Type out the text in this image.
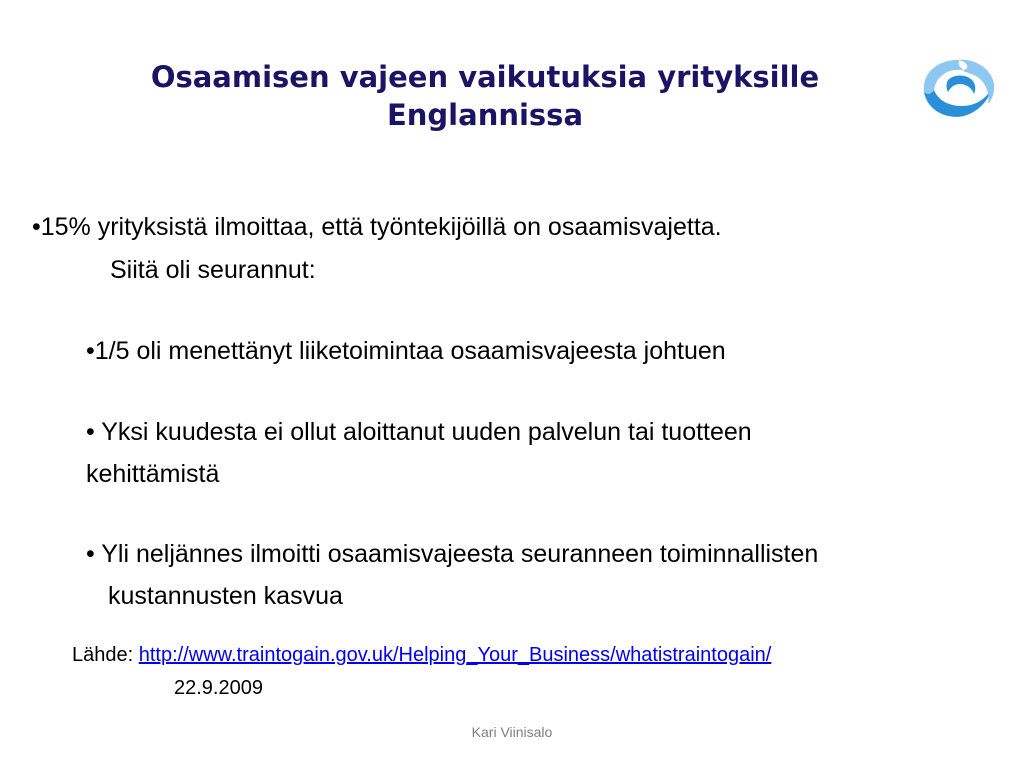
Osaamisen vajeen vaikutuksia yrityksille
Englannissa
•15% yrityksistä ilmoittaa, että työntekijöillä on osaamisvajetta.
Siitä oli seurannut:
•1/5 oli menettänyt liiketoimintaa osaamisvajeesta johtuen
• Yksi kuudesta ei ollut aloittanut uuden palvelun tai tuotteen
kehittämistä
• Yli neljännes ilmoitti osaamisvajeesta seuranneen toiminnallisten
kustannusten kasvua
Lähde: http://www.traintogain.gov.uk/Helping_Your_Business/whatistraintogain/
22.9.2009
Kari Viinisalo
